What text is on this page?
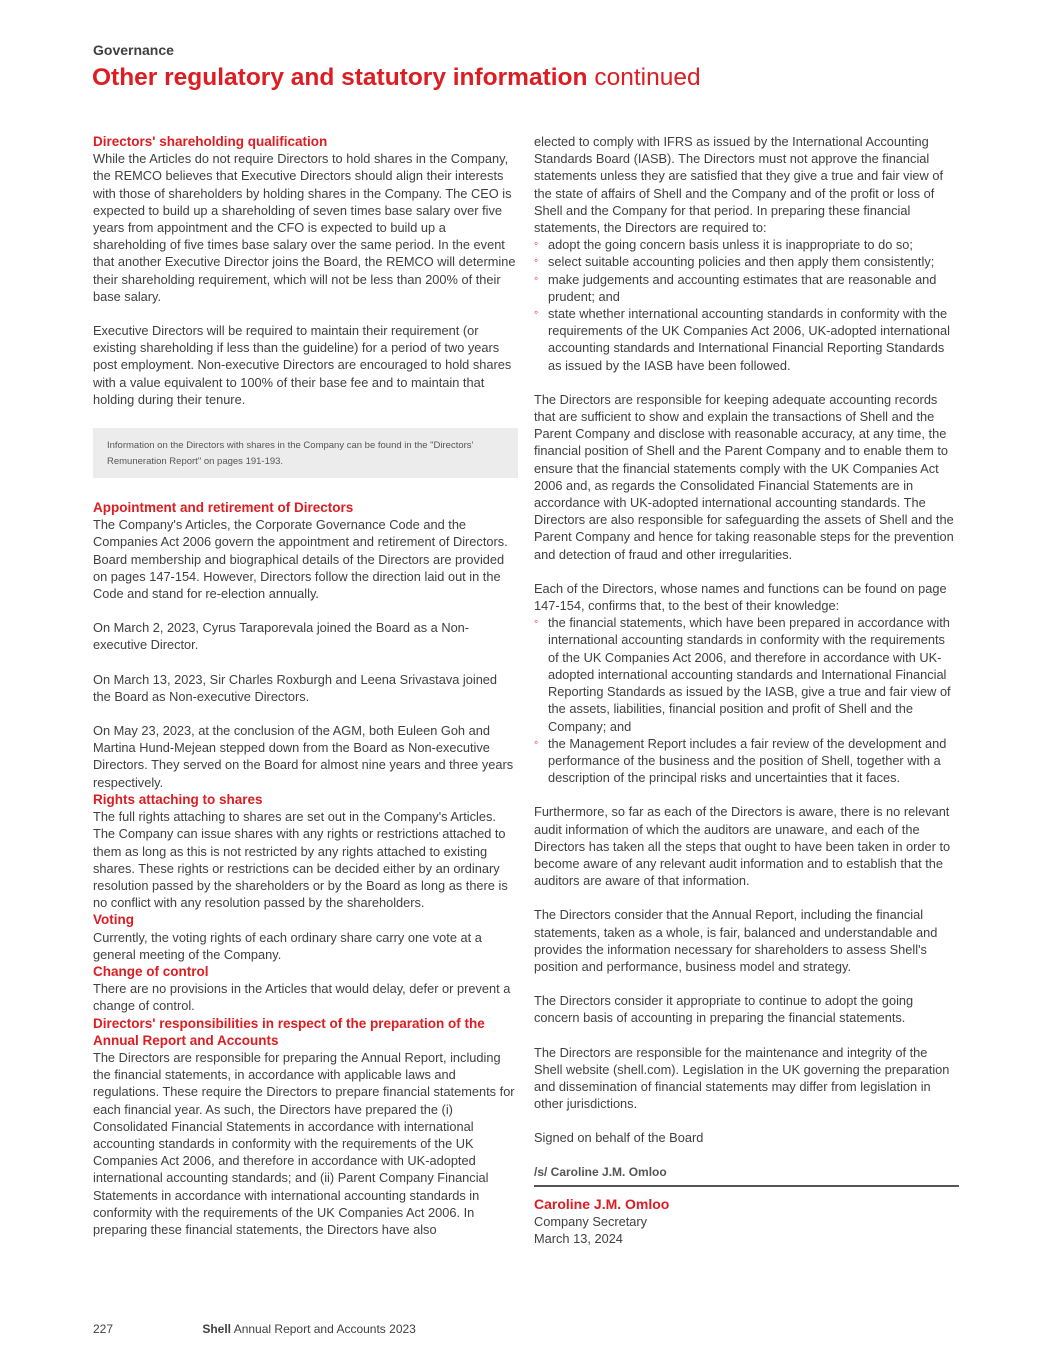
Governance
Other regulatory and statutory information continued

Directors' shareholding qualification

While the Articles do not require Directors to hold shares in the Company, the REMCO believes that Executive Directors should align their interests with those of shareholders by holding shares in the Company. The CEO is expected to build up a shareholding of seven times base salary over five years from appointment and the CFO is expected to build up a shareholding of five times base salary over the same period. In the event that another Executive Director joins the Board, the REMCO will determine their shareholding requirement, which will not be less than 200% of their base salary.

Executive Directors will be required to maintain their requirement (or existing shareholding if less than the guideline) for a period of two years post employment. Non-executive Directors are encouraged to hold shares with a value equivalent to 100% of their base fee and to maintain that holding during their tenure.

Information on the Directors with shares in the Company can be found in the "Directors' Remuneration Report" on pages 191-193.

Appointment and retirement of Directors

The Company's Articles, the Corporate Governance Code and the Companies Act 2006 govern the appointment and retirement of Directors. Board membership and biographical details of the Directors are provided on pages 147-154. However, Directors follow the direction laid out in the Code and stand for re-election annually.

On March 2, 2023, Cyrus Taraporevala joined the Board as a Non-executive Director.

On March 13, 2023, Sir Charles Roxburgh and Leena Srivastava joined the Board as Non-executive Directors.

On May 23, 2023, at the conclusion of the AGM, both Euleen Goh and Martina Hund-Mejean stepped down from the Board as Non-executive Directors. They served on the Board for almost nine years and three years respectively.

Rights attaching to shares

The full rights attaching to shares are set out in the Company's Articles. The Company can issue shares with any rights or restrictions attached to them as long as this is not restricted by any rights attached to existing shares. These rights or restrictions can be decided either by an ordinary resolution passed by the shareholders or by the Board as long as there is no conflict with any resolution passed by the shareholders.

Voting

Currently, the voting rights of each ordinary share carry one vote at a general meeting of the Company.

Change of control

There are no provisions in the Articles that would delay, defer or prevent a change of control.

Directors' responsibilities in respect of the preparation of the Annual Report and Accounts

The Directors are responsible for preparing the Annual Report, including the financial statements, in accordance with applicable laws and regulations. These require the Directors to prepare financial statements for each financial year. As such, the Directors have prepared the (i) Consolidated Financial Statements in accordance with international accounting standards in conformity with the requirements of the UK Companies Act 2006, and therefore in accordance with UK-adopted international accounting standards; and (ii) Parent Company Financial Statements in accordance with international accounting standards in conformity with the requirements of the UK Companies Act 2006. In preparing these financial statements, the Directors have also

elected to comply with IFRS as issued by the International Accounting Standards Board (IASB). The Directors must not approve the financial statements unless they are satisfied that they give a true and fair view of the state of affairs of Shell and the Company and of the profit or loss of Shell and the Company for that period. In preparing these financial statements, the Directors are required to:

◦ adopt the going concern basis unless it is inappropriate to do so;
◦ select suitable accounting policies and then apply them consistently;
◦ make judgements and accounting estimates that are reasonable and prudent; and
◦ state whether international accounting standards in conformity with the requirements of the UK Companies Act 2006, UK-adopted international accounting standards and International Financial Reporting Standards as issued by the IASB have been followed.

The Directors are responsible for keeping adequate accounting records that are sufficient to show and explain the transactions of Shell and the Parent Company and disclose with reasonable accuracy, at any time, the financial position of Shell and the Parent Company and to enable them to ensure that the financial statements comply with the UK Companies Act 2006 and, as regards the Consolidated Financial Statements are in accordance with UK-adopted international accounting standards. The Directors are also responsible for safeguarding the assets of Shell and the Parent Company and hence for taking reasonable steps for the prevention and detection of fraud and other irregularities.

Each of the Directors, whose names and functions can be found on page 147-154, confirms that, to the best of their knowledge:

◦ the financial statements, which have been prepared in accordance with international accounting standards in conformity with the requirements of the UK Companies Act 2006, and therefore in accordance with UK-adopted international accounting standards and International Financial Reporting Standards as issued by the IASB, give a true and fair view of the assets, liabilities, financial position and profit of Shell and the Company; and
◦ the Management Report includes a fair review of the development and performance of the business and the position of Shell, together with a description of the principal risks and uncertainties that it faces.

Furthermore, so far as each of the Directors is aware, there is no relevant audit information of which the auditors are unaware, and each of the Directors has taken all the steps that ought to have been taken in order to become aware of any relevant audit information and to establish that the auditors are aware of that information.

The Directors consider that the Annual Report, including the financial statements, taken as a whole, is fair, balanced and understandable and provides the information necessary for shareholders to assess Shell's position and performance, business model and strategy.

The Directors consider it appropriate to continue to adopt the going concern basis of accounting in preparing the financial statements.

The Directors are responsible for the maintenance and integrity of the Shell website (shell.com). Legislation in the UK governing the preparation and dissemination of financial statements may differ from legislation in other jurisdictions.

Signed on behalf of the Board

/s/ Caroline J.M. Omloo
Caroline J.M. Omloo

Company Secretary

March 13, 2024

227	Shell Annual Report and Accounts 2023
